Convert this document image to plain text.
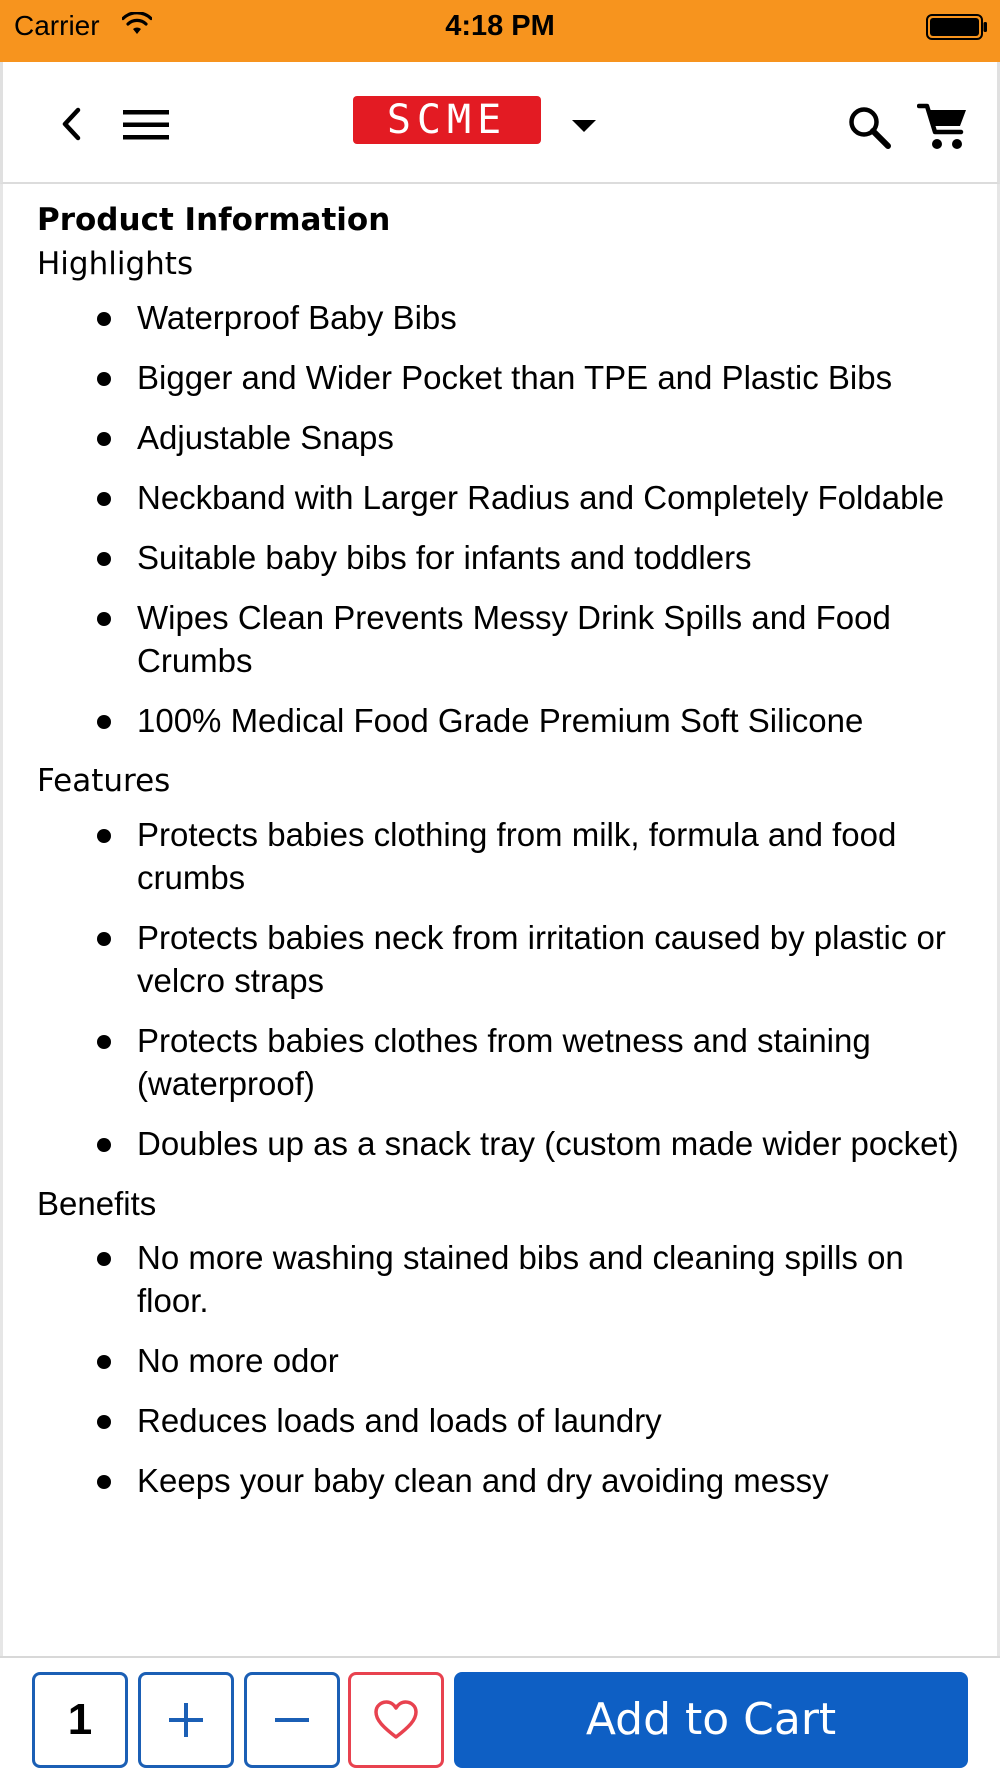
Carrier	4:18 PM
SCME
Product Information
Highlights
Waterproof Baby Bibs
Bigger and Wider Pocket than TPE and Plastic Bibs
Adjustable Snaps
Neckband with Larger Radius and Completely Foldable
Suitable baby bibs for infants and toddlers
Wipes Clean Prevents Messy Drink Spills and Food Crumbs
100% Medical Food Grade Premium Soft Silicone
Features
Protects babies clothing from milk, formula and food crumbs
Protects babies neck from irritation caused by plastic or velcro straps
Protects babies clothes from wetness and staining (waterproof)
Doubles up as a snack tray (custom made wider pocket)
Benefits
No more washing stained bibs and cleaning spills on floor.
No more odor
Reduces loads and loads of laundry
Keeps your baby clean and dry avoiding messy
1	Add to Cart
